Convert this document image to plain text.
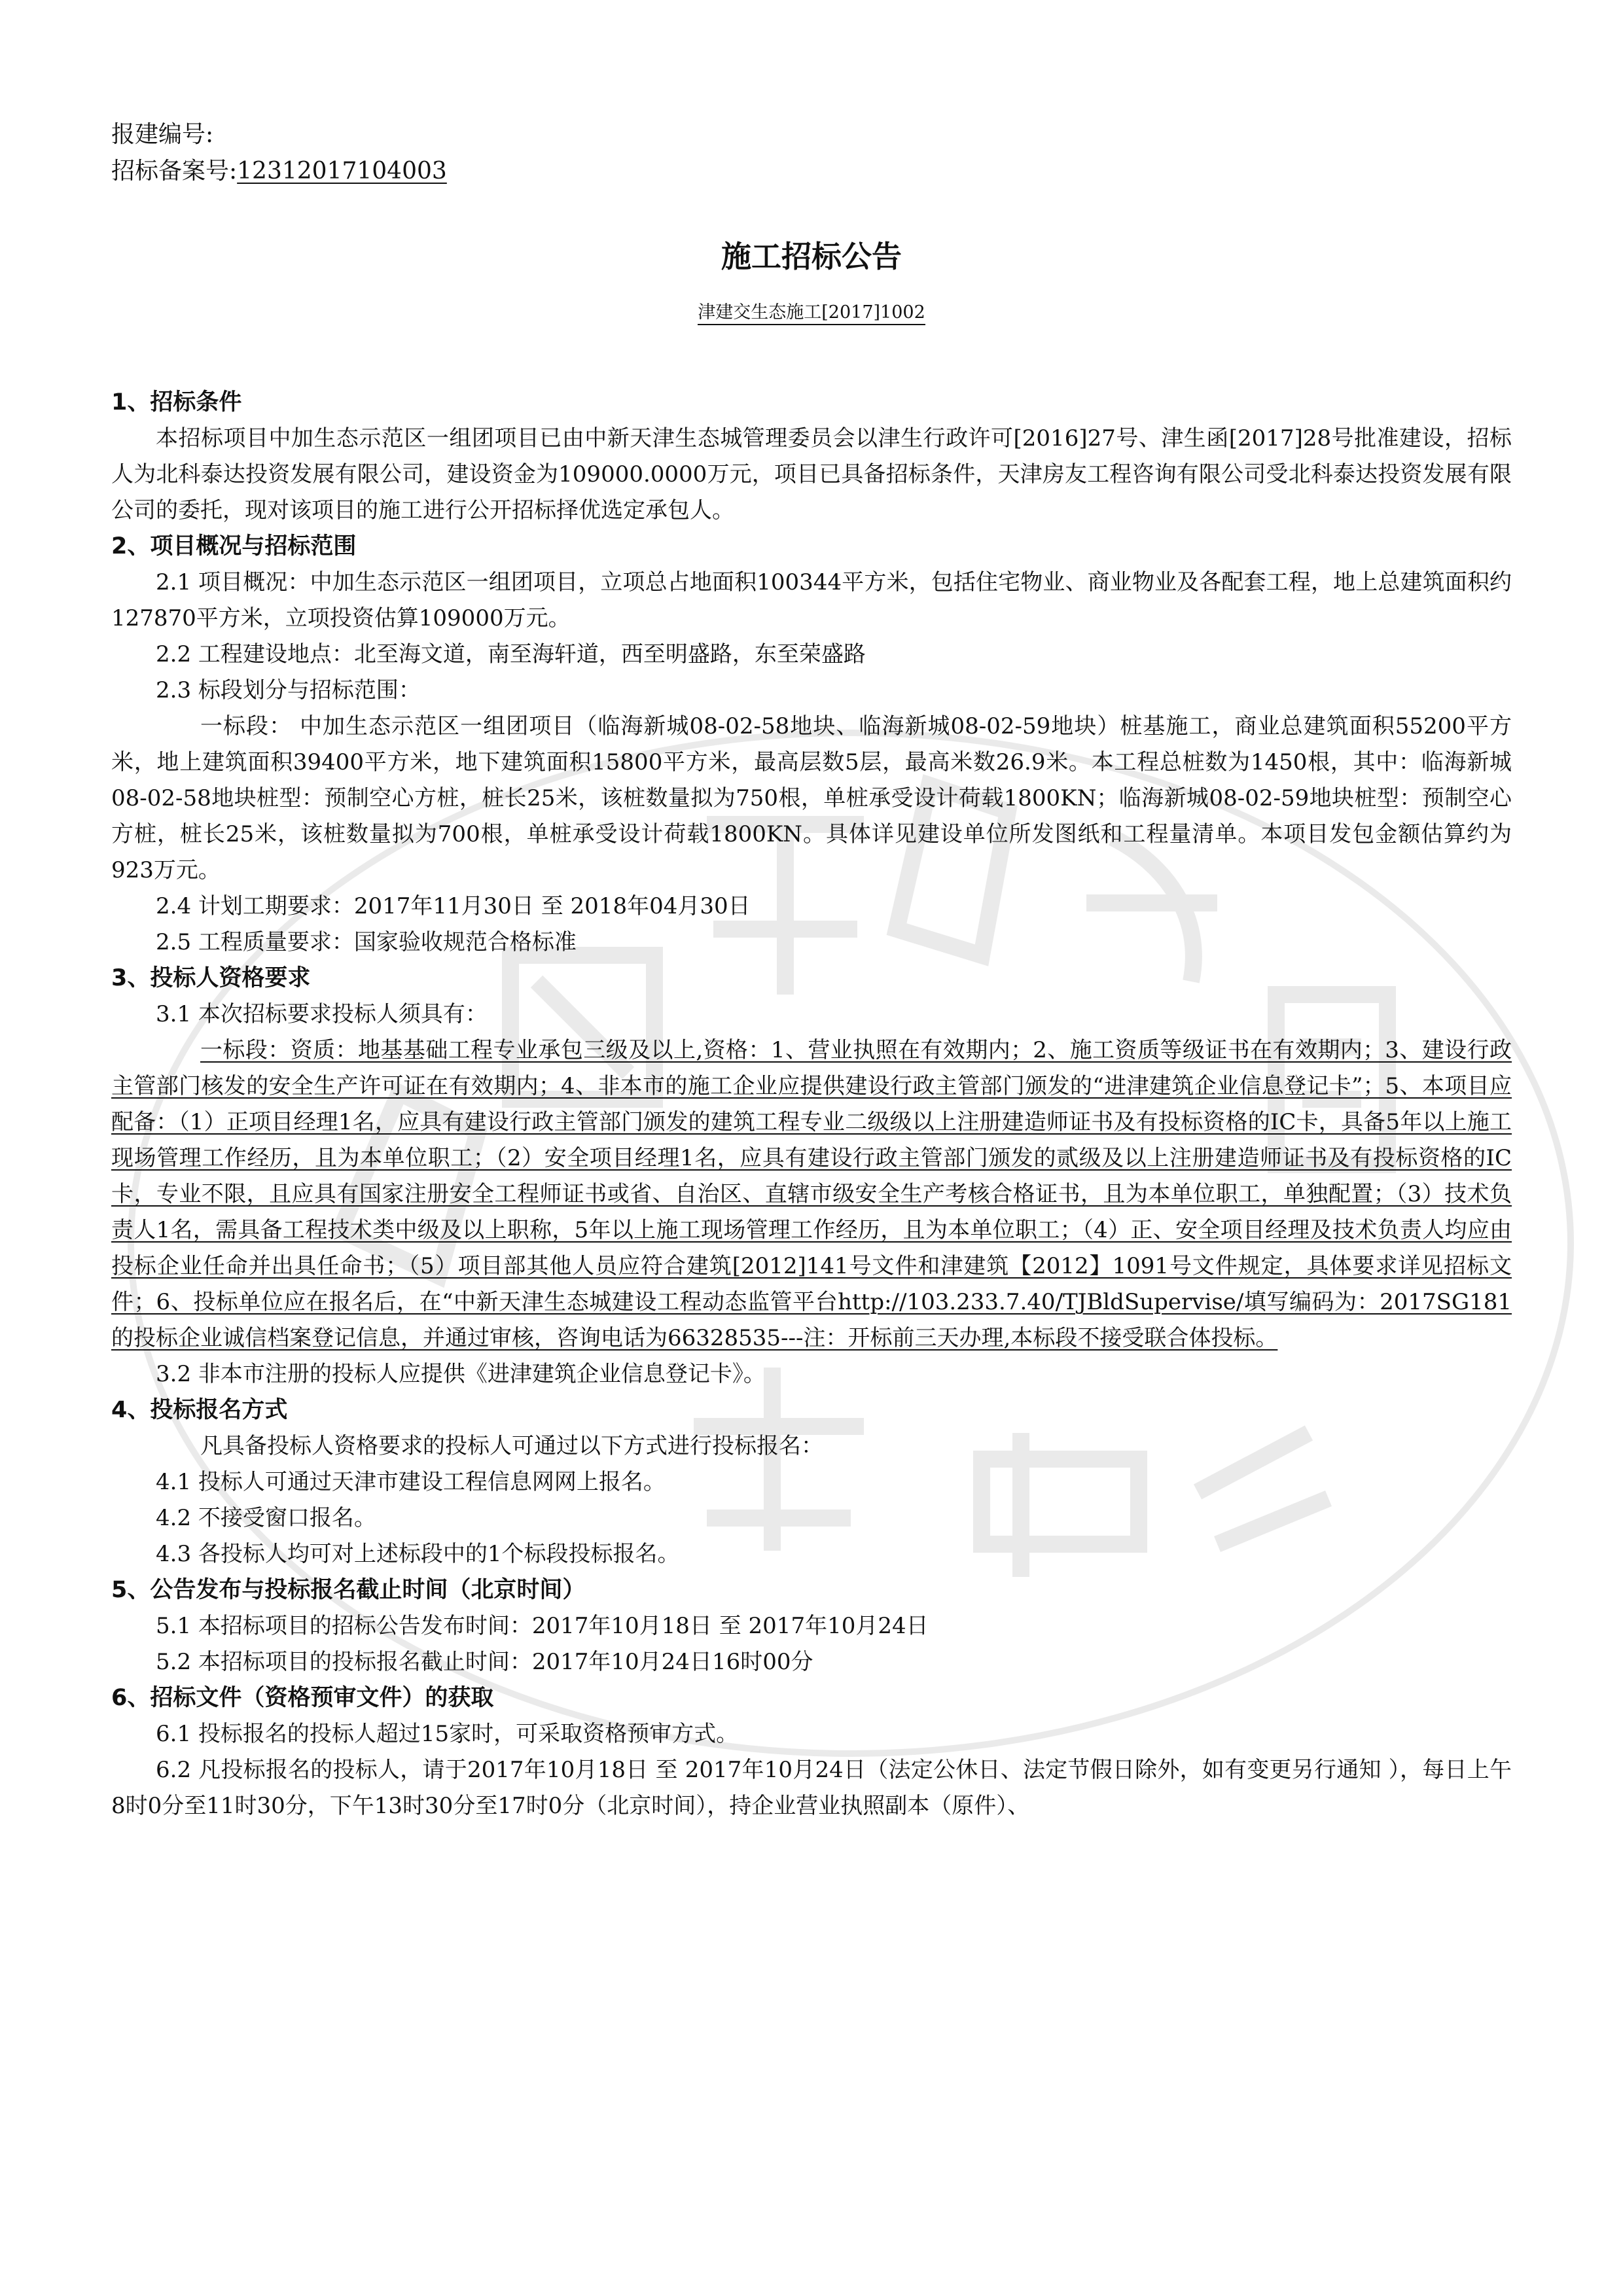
报建编号:
招标备案号:12312017104003
施工招标公告
津建交生态施工[2017]1002
1、招标条件
本招标项目中加生态示范区一组团项目已由中新天津生态城管理委员会以津生行政许可[2016]27号、津生函[2017]28号批准建设，招标人为北科泰达投资发展有限公司，建设资金为109000.0000万元，项目已具备招标条件，天津房友工程咨询有限公司受北科泰达投资发展有限公司的委托，现对该项目的施工进行公开招标择优选定承包人。
2、项目概况与招标范围
2.1 项目概况：中加生态示范区一组团项目，立项总占地面积100344平方米，包括住宅物业、商业物业及各配套工程，地上总建筑面积约127870平方米，立项投资估算109000万元。
2.2 工程建设地点：北至海文道，南至海轩道，西至明盛路，东至荣盛路
2.3 标段划分与招标范围：
一标段： 中加生态示范区一组团项目（临海新城08-02-58地块、临海新城08-02-59地块）桩基施工，商业总建筑面积55200平方米，地上建筑面积39400平方米，地下建筑面积15800平方米，最高层数5层，最高米数26.9米。本工程总桩数为1450根，其中：临海新城08-02-58地块桩型：预制空心方桩，桩长25米，该桩数量拟为750根，单桩承受设计荷载1800KN；临海新城08-02-59地块桩型：预制空心方桩，桩长25米，该桩数量拟为700根，单桩承受设计荷载1800KN。具体详见建设单位所发图纸和工程量清单。本项目发包金额估算约为923万元。
2.4 计划工期要求：2017年11月30日 至 2018年04月30日
2.5 工程质量要求：国家验收规范合格标准
3、投标人资格要求
3.1 本次招标要求投标人须具有：
一标段：资质：地基基础工程专业承包三级及以上,资格：1、营业执照在有效期内；2、施工资质等级证书在有效期内；3、建设行政主管部门核发的安全生产许可证在有效期内；4、非本市的施工企业应提供建设行政主管部门颁发的“进津建筑企业信息登记卡”；5、本项目应配备：（1）正项目经理1名，应具有建设行政主管部门颁发的建筑工程专业二级级以上注册建造师证书及有投标资格的IC卡，具备5年以上施工现场管理工作经历，且为本单位职工；（2）安全项目经理1名，应具有建设行政主管部门颁发的贰级及以上注册建造师证书及有投标资格的IC卡，专业不限，且应具有国家注册安全工程师证书或省、自治区、直辖市级安全生产考核合格证书，且为本单位职工，单独配置；（3）技术负责人1名，需具备工程技术类中级及以上职称，5年以上施工现场管理工作经历，且为本单位职工；（4）正、安全项目经理及技术负责人均应由投标企业任命并出具任命书；（5）项目部其他人员应符合建筑[2012]141号文件和津建筑【2012】1091号文件规定，具体要求详见招标文件；6、投标单位应在报名后，在“中新天津生态城建设工程动态监管平台http://103.233.7.40/TJBldSupervise/填写编码为：2017SG181的投标企业诚信档案登记信息，并通过审核，咨询电话为66328535---注：开标前三天办理,本标段不接受联合体投标。
3.2 非本市注册的投标人应提供《进津建筑企业信息登记卡》。
4、投标报名方式
凡具备投标人资格要求的投标人可通过以下方式进行投标报名：
4.1 投标人可通过天津市建设工程信息网网上报名。
4.2 不接受窗口报名。
4.3 各投标人均可对上述标段中的1个标段投标报名。
5、公告发布与投标报名截止时间（北京时间）
5.1 本招标项目的招标公告发布时间：2017年10月18日 至 2017年10月24日
5.2 本招标项目的投标报名截止时间：2017年10月24日16时00分
6、招标文件（资格预审文件）的获取
6.1 投标报名的投标人超过15家时，可采取资格预审方式。
6.2 凡投标报名的投标人，请于2017年10月18日 至 2017年10月24日（法定公休日、法定节假日除外，如有变更另行通知 ），每日上午8时0分至11时30分，下午13时30分至17时0分（北京时间），持企业营业执照副本（原件）、
